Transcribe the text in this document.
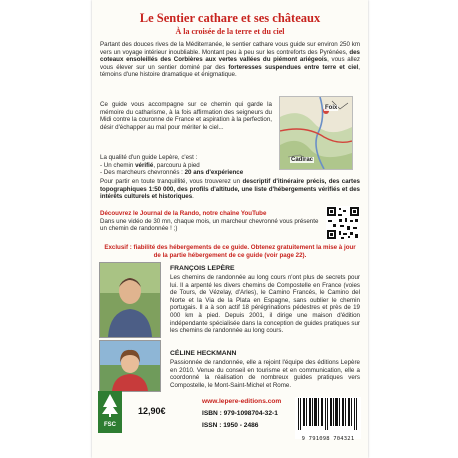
Le Sentier cathare et ses châteaux
À la croisée de la terre et du ciel
Partant des douces rives de la Méditerranée, le sentier cathare vous guide sur environ 250 km vers un voyage intérieur inoubliable. Montant peu à peu sur les contreforts des Pyrénées, des coteaux ensoleillés des Corbières aux vertes vallées du piémont ariégeois, vous allez vous élever sur un sentier dominé par des forteresses suspendues entre terre et ciel, témoins d'une histoire dramatique et énigmatique.
Ce guide vous accompagne sur ce chemin qui garde la mémoire du catharisme, à la fois affirmation des seigneurs du Midi contre la couronne de France et aspiration à la perfection, désir d'échapper au mal pour mériter le ciel...
Foix
Cadirac
La qualité d'un guide Lepère, c'est :
- Un chemin vérifié, parcouru à pied
- Des marcheurs chevronnés : 20 ans d'expérience
Pour partir en toute tranquillité, vous trouverez un descriptif d'itinéraire précis, des cartes topographiques 1:50 000, des profils d'altitude, une liste d'hébergements vérifiés et des intérêts culturels et historiques.
Découvrez le Journal de la Rando, notre chaîne YouTube
Dans une vidéo de 30 mn, chaque mois, un marcheur chevronné vous présente un chemin de randonnée ! ;)
Exclusif : fiabilité des hébergements de ce guide. Obtenez gratuitement la mise à jour de la partie hébergement de ce guide (voir page 22).
FRANÇOIS LEPÈRE
Les chemins de randonnée au long cours n'ont plus de secrets pour lui. Il a arpenté les divers chemins de Compostelle en France (voies de Tours, de Vézelay, d'Arles), le Camino Francés, le Camino del Norte et la Via de la Plata en Espagne, sans oublier le chemin portugais. Il a à son actif 18 pérégrinations pédestres et près de 19 000 km à pied. Depuis 2001, il dirige une maison d'édition indépendante spécialisée dans la conception de guides pratiques sur les chemins de randonnée au long cours.
CÉLINE HECKMANN
Passionnée de randonnée, elle a rejoint l'équipe des éditions Lepère en 2010. Venue du conseil en tourisme et en communication, elle a coordonné la réalisation de nombreux guides pratiques vers Compostelle, le Mont-Saint-Michel et Rome.
FSC
12,90€
www.lepere-editions.com
ISBN : 979-1098704-32-1
ISSN : 1950 - 2486
9 791098 704321
